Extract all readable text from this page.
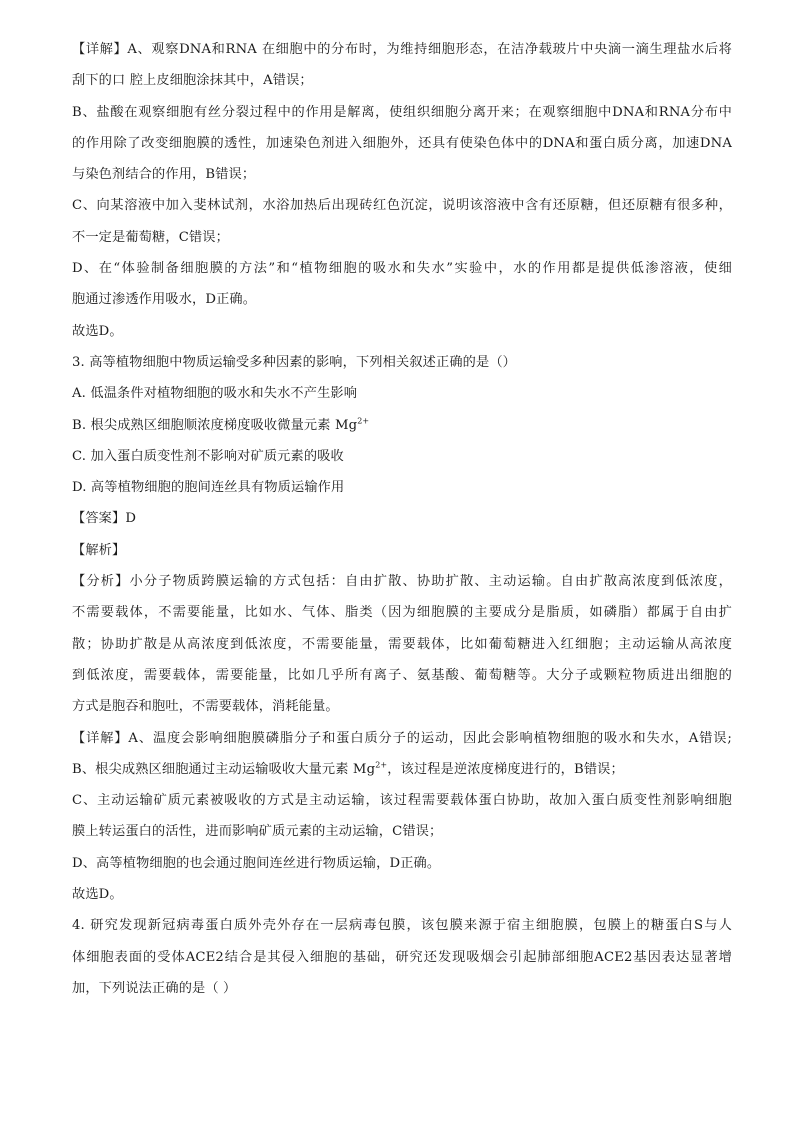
【详解】A、观察DNA和RNA 在细胞中的分布时，为维持细胞形态，在洁净载玻片中央滴一滴生理盐水后将
刮下的口 腔上皮细胞涂抹其中，A错误；
B、盐酸在观察细胞有丝分裂过程中的作用是解离，使组织细胞分离开来；在观察细胞中DNA和RNA分布中
的作用除了改变细胞膜的透性，加速染色剂进入细胞外，还具有使染色体中的DNA和蛋白质分离，加速DNA
与染色剂结合的作用，B错误；
C、向某溶液中加入斐林试剂，水浴加热后出现砖红色沉淀，说明该溶液中含有还原糖，但还原糖有很多种，
不一定是葡萄糖，C错误；
D、在“体验制备细胞膜的方法”和“植物细胞的吸水和失水”实验中，水的作用都是提供低渗溶液，使细
胞通过渗透作用吸水，D正确。
故选D。
3. 高等植物细胞中物质运输受多种因素的影响，下列相关叙述正确的是（）
A. 低温条件对植物细胞的吸水和失水不产生影响
B. 根尖成熟区细胞顺浓度梯度吸收微量元素 $Mg^{2+}$
C. 加入蛋白质变性剂不影响对矿质元素的吸收
D. 高等植物细胞的胞间连丝具有物质运输作用
【答案】D
【解析】
【分析】小分子物质跨膜运输的方式包括：自由扩散、协助扩散、主动运输。自由扩散高浓度到低浓度，
不需要载体，不需要能量，比如水、气体、脂类（因为细胞膜的主要成分是脂质，如磷脂）都属于自由扩
散；协助扩散是从高浓度到低浓度，不需要能量，需要载体，比如葡萄糖进入红细胞；主动运输从高浓度
到低浓度，需要载体，需要能量，比如几乎所有离子、氨基酸、葡萄糖等。大分子或颗粒物质进出细胞的
方式是胞吞和胞吐，不需要载体，消耗能量。
【详解】A、温度会影响细胞膜磷脂分子和蛋白质分子的运动，因此会影响植物细胞的吸水和失水，A错误;
B、根尖成熟区细胞通过主动运输吸收大量元素 $Mg^{2+}$，该过程是逆浓度梯度进行的，B错误；
C、主动运输矿质元素被吸收的方式是主动运输，该过程需要载体蛋白协助，故加入蛋白质变性剂影响细胞
膜上转运蛋白的活性，进而影响矿质元素的主动运输，C错误；
D、高等植物细胞的也会通过胞间连丝进行物质运输，D正确。
故选D。
4. 研究发现新冠病毒蛋白质外壳外存在一层病毒包膜，该包膜来源于宿主细胞膜，包膜上的糖蛋白S与人
体细胞表面的受体ACE2结合是其侵入细胞的基础，研究还发现吸烟会引起肺部细胞ACE2基因表达显著增
加，下列说法正确的是（ ）
